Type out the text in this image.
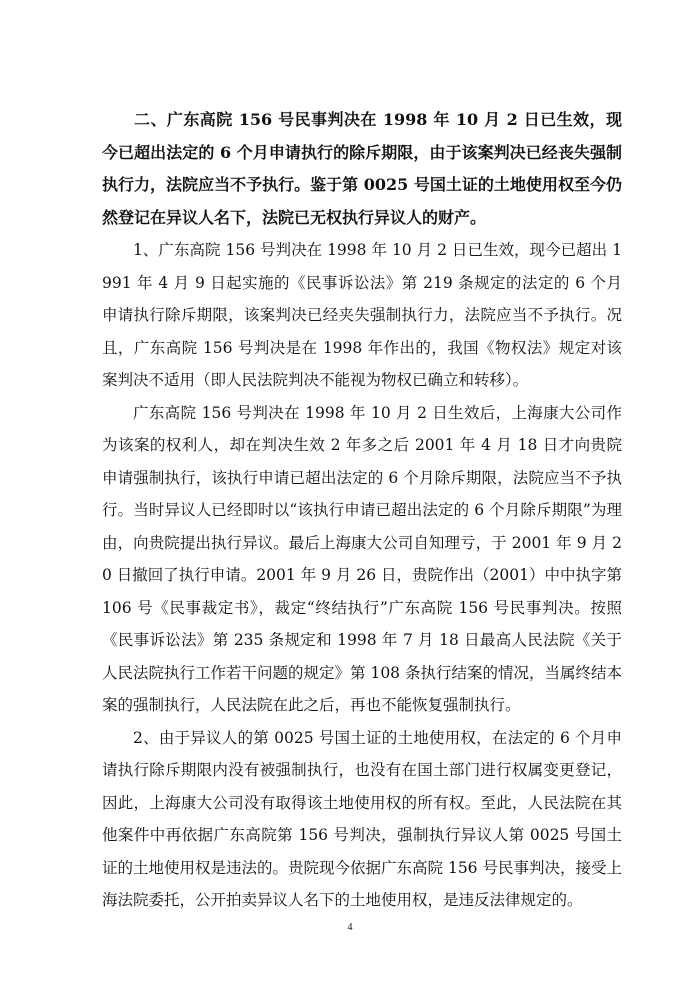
二、广东高院 156 号民事判决在 1998 年 10 月 2 日已生效，现今已超出法定的 6 个月申请执行的除斥期限，由于该案判决已经丧失强制执行力，法院应当不予执行。鉴于第 0025 号国土证的土地使用权至今仍然登记在异议人名下，法院已无权执行异议人的财产。

1、广东高院 156 号判决在 1998 年 10 月 2 日已生效，现今已超出 1991 年 4 月 9 日起实施的《民事诉讼法》第 219 条规定的法定的 6 个月申请执行除斥期限，该案判决已经夹失强制执行力，法院应当不予执行。况且，广东高院 156 号判决是在 1998 年作出的，我国《物权法》规定对该案判决不适用（即人民法院判决不能视为物权已确立和转移）。

广东高院 156 号判决在 1998 年 10 月 2 日生效后，上海康大公司作为该案的权利人，却在判决生效 2 年多之后 2001 年 4 月 18 日才向贵院申请强制执行，该执行申请已超出法定的 6 个月除斥期限，法院应当不予执行。当时异议人已经即时以“该执行申请已超出法定的 6 个月除斥期限”为理由，向贵院提出执行异议。最后上海康大公司自知理亏，于 2001 年 9 月 20 日撤回了执行申请。2001 年 9 月 26 日，贵院作出（2001）中中执字第 106 号《民事裁定书》，裁定“终结执行”广东高院 156 号民事判决。按照《民事诉讼法》第 235 条规定和 1998 年 7 月 18 日最高人民法院《关于人民法院执行工作若干问题的规定》第 108 条执行结案的情况，当属终结本案的强制执行，人民法院在此之后，再也不能恢复强制执行。

2、由于异议人的第 0025 号国土证的土地使用权，在法定的 6 个月申请执行除斥期限内没有被强制执行，也没有在国土部门进行权属变更登记，因此，上海康大公司没有取得该土地使用权的所有权。至此，人民法院在其他案件中再依据广东高院第 156 号判决，强制执行异议人第 0025 号国土证的土地使用权是违法的。贵院现今依据广东高院 156 号民事判决，接受上海法院委托，公开拍卖异议人名下的土地使用权，是违反法律规定的。

4
